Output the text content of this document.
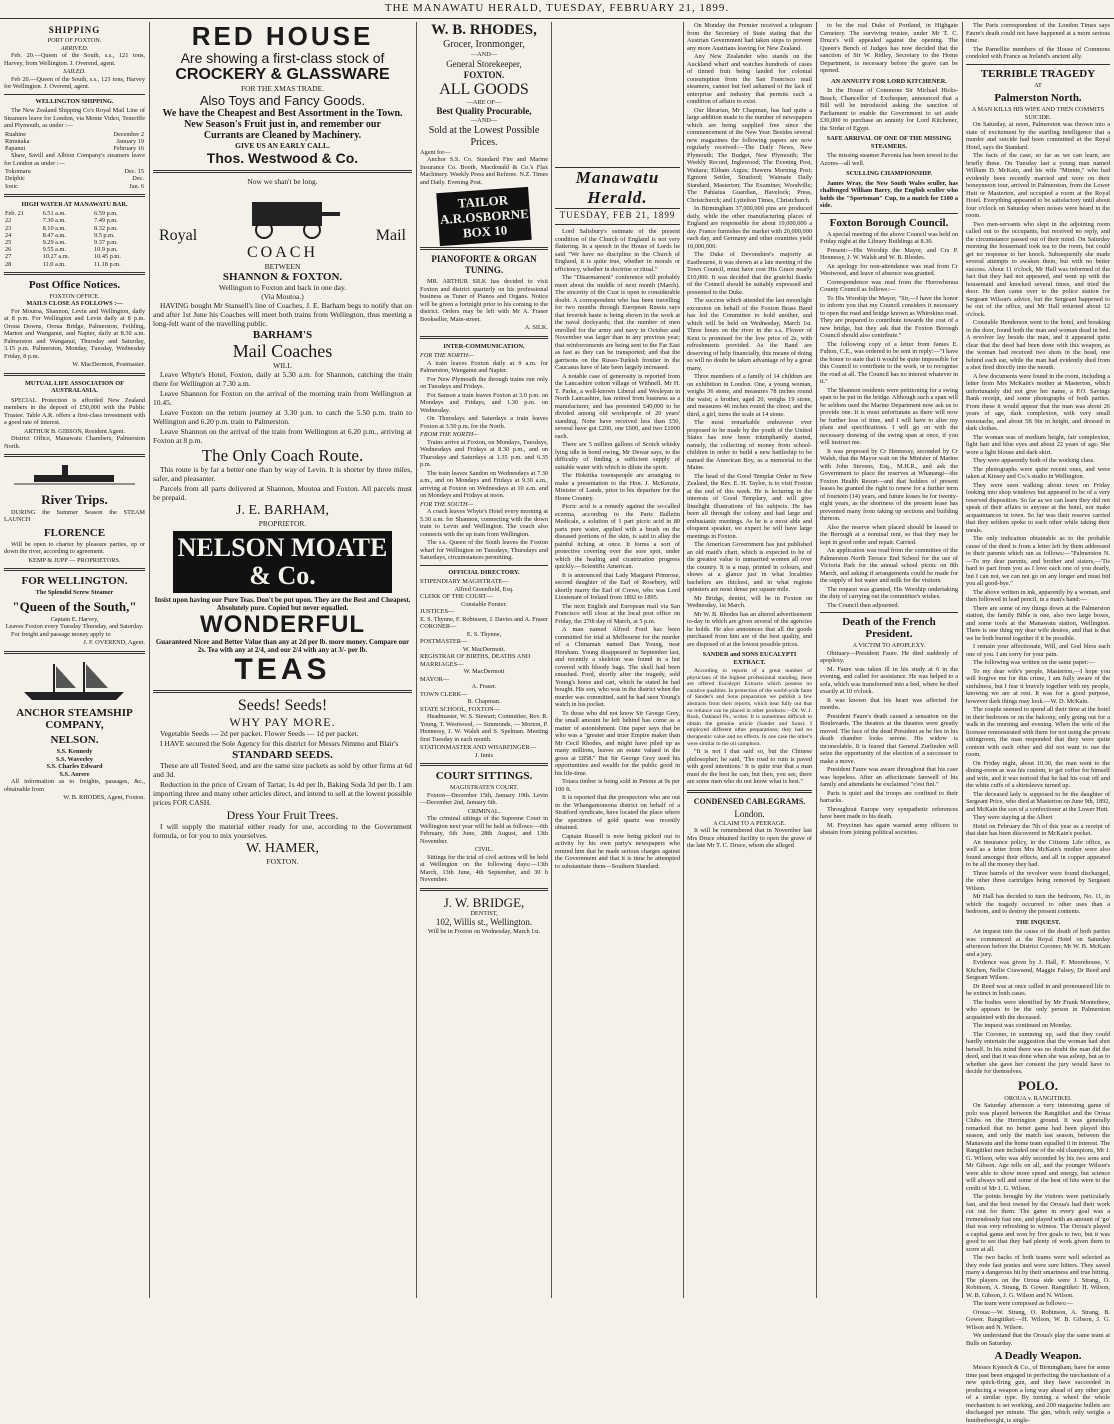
THE MANAWATU HERALD, TUESDAY, FEBRUARY 21, 1899.
SHIPPING
PORT OF FOXTON.
ARRIVED.

Feb. 20.—Queen of the South, s.s., 121 tons, Harvey, from Wellington. J. Overend, agent.

SAILED.

Feb 20.—Queen of the South, s.s., 121 tons, Harvey for Wellington. J. Overend, agent.

WELLINGTON SHIPPING.

The New Zealand Shipping Co's Royal Mail Line of Steamers leave for London, via Monte Video, Teneriffe and Plymouth, as under :—

Ruahine	December 2
Rimutaka	January 19
Papanui	February 16

Shaw, Savill and Albion Company's steamers leave for London as under :—

Tokomaru	Dec. 15
Delphic	Dec.
Ionic	Jan. 6
HIGH WATER AT MANAWATU BAR.
Feb. 21	6.51 a.m.	6.59 p.m.
22	7.30 a.m.	7.49 p.m.
23	8.10 a.m.	8.32 p.m.
24	8.47 a.m.	9.5 p.m.
25	9.29 a.m.	9.37 p.m.
26	9.55 a.m.	10.9 p.m.
27	10.27 a.m.	10.45 p.m.
28	11.0 a.m.	11.18 p.m.
Post Office Notices.
FOXTON OFFICE.
MAILS CLOSE AS FOLLOWS :—

For Moutoa, Shannon, Levin and Wellington, daily at 8 p.m. For Wellington and Levin daily at 8 p.m. Oroua Downs, Oroua Bridge, Palmerston, Feilding, Marton and Wanganui, and Napier, daily at 8.30 a.m. Palmerston and Wanganui, Thursday and Saturday, 3.15 p.m. Palmerston, Monday, Tuesday, Wednesday Friday, 8 p.m.

W. MacDermott, Postmaster.
MUTUAL LIFE ASSOCIATION OF AUSTRALASIA.

SPECIAL Protection is afforded New Zealand members in the deposit of £50,000 with the Public Trustee. Table A.R. offers a first-class investment with a good rate of interest.

ARTHUR B. GIBSON, Resident Agent.

District Office, Manawatu Chambers, Palmerston North.

River Trips.

DURING the Summer Season the STEAM LAUNCH

FLORENCE

Will be open to charter by pleasure parties, up or down the river, according to agreement.

KEMP & JUPP — PROPRIETORS.
FOR WELLINGTON.
The Splendid Screw Steamer
"Queen of the South,"
Captain E. Harvey,
Leaves Foxton every Tuesday Thursday, and Saturday.

For freight and passage money apply to

J. F. OVEREND, Agent.
ANCHOR STEAMSHIP COMPANY,
NELSON.
S.S. Kennedy
S.S. Waverley
S.S. Charles Edward
S.S. Aorere

All information as to freights, passages, &c., obtainable from

W. B. RHODES, Agent, Foxton.
RED HOUSE
Are showing a first-class stock of
CROCKERY & GLASSWARE
FOR THE XMAS TRADE.
Also Toys and Fancy Goods.
We have the Cheapest and Best Assortment in the Town.
New Season's Fruit just in, and remember our
Currants are Cleaned by Machinery.
GIVE US AN EARLY CALL.
Thos. Westwood & Co.
Now we shan't be long.
Royal	Mail
COACH
BETWEEN
SHANNON & FOXTON.
Wellington to Foxton and back in one day.
(Via Moutoa.)

HAVING bought Mr Stansell's line of Coaches, J. E. Barham begs to notify that on and after 1st June his Coaches will meet both trains from Wellington, thus meeting a long-felt want of the travelling public.

BARHAM'S
Mail Coaches
WILL

Leave Whyte's Hotel, Foxton, daily at 5.30 a.m. for Shannon, catching the train there for Wellington at 7.30 a.m.

Leave Shannon for Foxton on the arrival of the morning train from Wellington at 10.45.

Leave Foxton on the return journey at 3.30 p.m. to catch the 5.50 p.m. train to Wellington and 6.20 p.m. train to Palmerston.

Leave Shannon on the arrival of the train from Wellington at 6.20 p.m., arriving at Foxton at 8 p.m.

The Only Coach Route.

This route is by far a better one than by way of Levin. It is shorter by three miles, safer, and pleasanter.

Parcels from all parts delivered at Shannon, Moutoa and Foxton. All parcels must be prepaid.

J. E. BARHAM,
PROPRIETOR.
NELSON MOATE & Co.
Insist upon having our Pure Teas. Don't be put upon. They are the Best and Cheapest. Absolutely pure. Copied but never equalled.
WONDERFUL
Guaranteed Nicer and Better Value than any at 2d per lb. more money. Compare our 2s. Tea with any at 2/4, and our 2/4 with any at 3/- per lb.
TEAS
Seeds! Seeds!
WHY PAY MORE.

Vegetable Seeds — 2d per packet. Flower Seeds — 1d per packet.

I HAVE secured the Sole Agency for this district for Messrs Nimmo and Blair's

STANDARD SEEDS.

These are all Tested Seed, and are the same size packets as sold by other firms at 6d and 3d.

Reduction in the price of Cream of Tartar, 1s 4d per lb, Baking Soda 3d per lb. I am importing three and many other articles direct, and intend to sell at the lowest possible prices FOR CASH.

Dress Your Fruit Trees.

I will supply the material either ready for use, according to the Government formula, or for you to mix yourselves.

W. HAMER,
FOXTON.
W. B. RHODES,
Grocer, Ironmonger,
—AND—
General Storekeeper,
FOXTON.
ALL GOODS
—ARE OF—
Best Quality Procurable,
—AND—
Sold at the Lowest Possible Prices.
Agent for—

Anchor S.S. Co. Standard Fire and Marine Insurance Co. Booth, Macdonald & Co.'s Flax Machinery. Weekly Press and Referee. N.Z. Times and Daily. Evening Post.

TAILOR A.R.OSBORNE BOX 10
PIANOFORTE & ORGAN TUNING.

MR. ARTHUR SILK has decided to visit Foxton and district quarterly on his professional business as Tuner of Pianos and Organs. Notice will be given a fortnight prior to his coming to the district. Orders may be left with Mr A. Fraser Bookseller, Main-street.

A. SILK.
INTER-COMMUNICATION.
FOR THE NORTH—

A train leaves Foxton daily at 9 a.m. for Palmerston, Wanganui and Napier.

For New Plymouth the through trains run only on Tuesdays and Fridays.

For Sanson a train leaves Foxton at 3.0 p.m. on Mondays and Fridays, and 1.30 p.m. on Wednesday.

On Thursdays and Saturdays a train leaves Foxton at 3.50 p.m. for the North.

FROM THE NORTH—

Trains arrive at Foxton, on Mondays, Tuesdays, Wednesdays and Fridays at 8.30 p.m., and on Thursdays and Saturdays at 1.35 p.m. and 6.35 p.m.

The train leaves Sandon on Wednesdays at 7.30 a.m., and on Mondays and Fridays at 9.30 a.m., arriving at Foxton on Wednesdays at 10 a.m. and on Mondays and Fridays at noon.

FOR THE SOUTH—

A coach leaves Whyte's Hotel every morning at 5.30 a.m. for Shannon, connecting with the down train to Levin and Wellington. The coach also connects with the up train from Wellington.

The s.s. Queen of the South leaves the Foxton wharf for Wellington on Tuesdays, Thursdays and Saturdays, circumstances permitting.

OFFICIAL DIRECTORY.
STIPENDIARY MAGISTRATE—
Alfred Greenfield, Esq.
CLERK OF THE COURT—
Constable Forster.
JUSTICES—
E. S. Thynne, F. Robinson, J. Davies and A. Fraser
CORONER—
E. S. Thynne,
POSTMASTER—
W. MacDermott.
REGISTRAR OF BIRTHS, DEATHS AND MARRIAGES—
W. MacDermott
MAYOR—
A. Fraser.
TOWN CLERK—
B. Chapman.
STATE SCHOOL, FOXTON—

Headmaster, W. S. Stewart; Committee, Rev. R. Young, T. Westwood, — Simmonds, — Morton, P. Hennessy, J. W. Walsh and S. Spelman. Meeting first Tuesday in each month.

STATIONMASTER AND WHARFINGER—
J. Innis
COURT SITTINGS.
MAGISTRATE'S COURT.

Foxton—December 15th, January 19th. Levin—December 2nd, January 6th.

CRIMINAL.

The criminal sittings of the Supreme Court in Wellington next year will be held as follows:—6th February, 6th June, 28th August, and 13th November.

CIVIL.

Sittings for the trial of civil actions will be held at Wellington on the following days:—13th March, 13th June, 4th September, and 30 h November.

J. W. BRIDGE,
DENTIST,
102, Willis st., Wellington.
Will be in Foxton on Wednesday, March 1st.
Manawatu Herald.
TUESDAY, FEB 21, 1899

Lord Salisbury's estimate of the present condition of the Church of England is not very flattering. In a speech in the House of Lords he said "We have no discipline in the Church of England, it is quite true, whether in morals or efficiency, whether in doctrine or ritual."

The "Disarmament" conference will probably meet about the middle of next month (March). The sincerity of the Czar is open to considerable doubt. A correspondent who has been travelling for two months through European Russia says that feverish haste is being shown in the work at the naval dockyards; that the number of men enrolled for the army and navy in October and November was larger than in any previous year; that reinforcements are being sent to the Far East as fast as they can be transported; and that the garrisons on the Russo-Turkish frontier in the Caucasus have of late been largely increased.

A notable case of generosity is reported from the Lancashire cotton village of Withnell. Mr H. T. Parke, a well-known Liberal and Wesleyan in North Lancashire, has retired from business as a manufacturer, and has presented £40,000 to be divided among old workpeople of 20 years' standing. None have received less than £50, several have got £200, one £600, and two £1000 each.

There are 5 million gallons of Scotch whisky lying idle in bond owing, Mr Dewar says, to the difficulty of finding a sufficient supply of suitable water with which to dilute the spirit.

The Hokitika townspeople are arranging to make a presentation to the Hon. J. McKenzie, Minister of Lands, prior to his departure for the Home Country.

Picric acid is a remedy against the so-called eczema, according to the Paris Bulletin Medicale, a solution of 1 part picric acid in 80 parts pure water, applied with a brush on the diseased portions of the skin, is said to allay the painful itching at once. It forms a sort of protective covering over the sore spot, under which the healing and cicatrization progress quickly.—Scientific American.

It is announced that Lady Margaret Primrose, second daughter of the Earl of Rosebery, will shortly marry the Earl of Crewe, who was Lord Lieutenant of Ireland from 1892 to 1895.

The next English and European mail via San Francisco will close at the local post office on Friday, the 27th day of March, at 5 p.m.

A man named Alfred Ford has been committed for trial at Melbourne for the murder of a Chinaman named Dan Young, near Horsham. Young disappeared in September last, and recently a skeleton was found in a hut covered with bloody bags. The skull had been smashed. Ford, shortly after the tragedy, sold Young's horse and cart, which he stated he had bought. His son, who was in the district when the murder was committed, said he had seen Young's watch in his pocket.

To those who did not know Sir George Grey, the small amount he left behind has come as a matter of astonishment. One paper says that he who was a "greater and truer Empire maker than Mr Cecil Rhodes, and might have piled up as many millions, leaves an estate valued in the gross at £858." But Sir George Grey used his opportunities and wealth for the public good in his life-time.

Totara timber is being sold in Petone at 9s per 100 ft.

It is reported that the prospectors who are out in the Whangamomona district on behalf of a Stratford syndicate, have located the place where the specimen of gold quartz was recently obtained.

Captain Russell is now being picked out to activity by his own party's newspapers who remind him that he made serious charges against the Government and that it is time he attempted to substantiate them—Southern Standard.

On Monday the Premier received a telegram from the Secretary of State stating that the Austrian Government had taken steps to prevent any more Austrians leaving for New Zealand.

Any New Zealander who stands on the Auckland wharf and watches hundreds of cases of tinned fruit being landed for colonial consumption from the San Francisco mail steamers, cannot but feel ashamed of the lack of enterprise and industry that permits such a condition of affairs to exist.

Our librarian, Mr Chapman, has had quite a large addition made to the number of newspapers which are being supplied free since the commencement of the New Year. Besides several new magazines the following papers are now regularly received:—The Daily News, New Plymouth; The Budget, New Plymouth; The Weekly Record, Inglewood; The Evening Post, Waitara; Eltham Argus; Hawera Morning Post; Egmont Settler, Stratford; Waimate Daily Standard, Masterton; The Examiner, Woodville; The Pahiatua Guardian, Havelock; Press, Christchurch; and Lyttelton Times, Christchurch.

In Birmingham 37,000,000 pins are produced daily, while the other manufacturing places of England are responsible for about 19,000,000 a day. France furnishes the market with 20,000,000 each day, and Germany and other countries yield 10,000,000.

The Duke of Devonshire's majority at Eastbourne, it was shown at a late meeting of the Town Council, must have cost His Grace nearly £10,000. It was decided that the grateful thanks of the Council should be suitably expressed and presented to the Duke.

The success which attended the last moonlight excursion on behalf of the Foxton Brass Band has led the Committee to hold another, and which will be held on Wednesday, March 1st. Three hours on the river in the s.s. Flower of Kent is promised for the low price of 2s, with refreshments provided. As the Band are deserving of help financially, this means of doing so will no doubt be taken advantage of by a great many.

Three members of a family of 14 children are on exhibition in London. One, a young woman, weighs 36 stone, and measures 78 inches round the waist; a brother, aged 20, weighs 19 stone, and measures 46 inches round the chest; and the third, a girl, turns the scale at 14 stone.

The most remarkable endeavour ever proposed to be made by the youth of the United States has now been triumphantly started, namely, the collecting of money from school-children in order to build a new battleship to be named the American Boy, as a memorial to the Maine.

The head of the Good Templar Order in New Zealand, the Rev. E. H. Taylor, is to visit Foxton at the end of this week. He is lecturing in the interests of Good Templary, and will give limelight illustrations of his subjects. He has been all through the colony and had large and enthusiastic meetings. As he is a most able and eloquent speaker, we expect he will have large meetings in Foxton.

The American Government has just published an old maid's chart, which is expected to be of the greatest value to unmarried women all over the country. It is a map, printed in colours, and shows at a glance just in what localities bachelors are thickest, and in what regions spinsters are most dense per square mile.

Mr Bridge, dentist, will be in Foxton on Wednesday, 1st March.

Mr W. B. Rhodes has an altered advertisement to-day in which are given several of the agencies he holds. He also announces that all the goods purchased from him are of the best quality, and are disposed of at the lowest possible prices.

SANDER and SONS EUCALYPTI EXTRACT.

According to reports of a great number of physicians of the highest professional standing, there are offered Eucalypti Extracts which possess no curative qualities. In protection of the world-wide fame of Sander's and Sons preparation we publish a few abstracts from their reports, which bear fully out that no reliance can be placed in other products:—Dr. W. J. Rush, Oakland Pa., writes: It is sometimes difficult to obtain the genuine article (Sander and Sons). I employed different other preparations; they had no therapeutic value and no effects. In one case the other's were similar to the oil camphora.

"It is not I that said so, but the Chinese philosopher; he said, 'The road to ruin is paved with good intentions.' It is quite true that a man must do the best he can; but then, you see, there are some men who do not know what is best."

CONDENSED CABLEGRAMS.
London.
A CLAIM TO A PEERAGE.

It will be remembered that in November last Mrs Druce obtained facility to open the grave of the late Mr T. C. Druce, whom she alleged

to be the real Duke of Portland, in Highgate Cemetery. The surviving trustee, under Mr T. C. Druce's will appealed against the opening. The Queen's Bench of Judges has now decided that the sanction of Sir W. Ridley, Secretary to the Home Department, is necessary before the grave can be opened.

AN ANNUITY FOR LORD KITCHENER.

In the House of Commons Sir Michael Hicks-Beach, Chancellor of Exchequer, announced that a Bill will be introduced asking the sanction of Parliament to enable the Government to set aside £30,000 to purchase an annuity for Lord Kitchener, the Sirdar of Egypt.

SAFE ARRIVAL OF ONE OF THE MISSING STEAMERS.

The missing steamer Pavonia has been towed to the Azores—all well.

SCULLING CHAMPIONSHIP.

James Wray, the New South Wales sculler, has challenged William Barry, the English sculler who holds the "Sportsman" Cup, to a match for £100 a side.

Foxton Borough Council.

A special meeting of the above Council was held on Friday night at the Library Buildings at 8.30.

Present:—His Worship the Mayor, and Crs P. Hennessy, J. W. Walsh and W. B. Rhodes.

An apology for non-attendance was read from Cr Westwood, and leave of absence was granted.

Correspondence was read from the Horowhenua County Council as follows:—

To His Worship the Mayor, "Sir,—I have the honor to inform you that my Council considers it necessary to open the road and bridge known as Whirokino road. They are prepared to contribute towards the cost of a new bridge, but they ask that the Foxton Borough Council should also contribute."

The following copy of a letter from James E. Fulton, C.E., was ordered to be sent in reply:—"I have the honor to state that it would be quite impossible for this Council to contribute to the work, or to recognise the road at all. The Council has no interest whatever in it."

The Shannon residents were petitioning for a swing span to be put in the bridge. Although such a span will be seldom used the Marine Department now ask us to provide one. It is most unfortunate as there will now be further loss of time, and I will have to alter my plans and specifications. I will go on with the necessary drawing of the swing span at once, if you will instruct me.

It was proposed by Cr Hennessy, seconded by Cr Walsh, that the Mayor wait on the Minister of Marine with John Stevens, Esq., M.H.R., and ask the Government to place the reserves at Whanangi—the Foxton Health Resort—and that holders of present leases be granted the right to renew for a further term of fourteen (14) years, and future leases be for twenty-eight years, as the shortness of the present lease has prevented many from taking up sections and building thereon.

Also the reserve when placed should be leased to the Borough at a nominal rent, so that they may be kept in good order and repair. Carried.

An application was read from the committee of the Palmerston North Terrace End School for the use of Victoria Park for the annual school picnic on 8th March, and asking if arrangements could be made for the supply of hot water and milk for the visitors.

The request was granted, His Worship undertaking the duty of carrying out the committee's wishes.

The Council then adjourned.

Death of the French President.
A VICTIM TO APOPLEXY.

Obituary—President Faure. He died suddenly of apoplexy.

M. Faure was taken ill in his study at 6 in the evening, and called for assistance. He was helped to a sofa, which was transformed into a bed, where he died exactly at 10 o'clock.

It was known that his heart was affected for months.

President Faure's death caused a sensation on the Boulevards. The theatres at the theatres were greatly moved. The face of the dead President as he lies in his death chamber looks serene. His widow is inconsolable. It is feared that General Zurlinden will seize the opportunity of the election of a successor to make a move.

President Faure was aware throughout that his case was hopeless. After an affectionate farewell of his family and attendants he exclaimed "c'est fini."

Paris is quiet and the troops are confined to their barracks.

Throughout Europe very sympathetic references have been made to his death.

M. Freycinet has again warned army officers to abstain from joining political societies.

The Paris correspondent of the London Times says Faure's death could not have happened at a more serious time.

The Parnellite members of the House of Commons condoled with France as Ireland's ancient ally.

TERRIBLE TRAGEDY
AT
Palmerston North.
A MAN KILLS HIS WIFE AND THEN COMMITS SUICIDE.

On Saturday, at noon, Palmerston was thrown into a state of excitement by the startling intelligence that a murder and suicide had been committed at the Royal Hotel, says the Standard.

The facts of the case, so far as we can learn, are briefly these. On Tuesday last a young man named William D. McKain, and his wife "Minnie," who had evidently been recently married and were on their honeymoon tour, arrived in Palmerston, from the Lower Hutt or Masterton, and occupied a room at the Royal Hotel. Everything appeared to be satisfactory until about four o'clock on Saturday when noises were heard in the room.

Two men-servants who slept in the adjoining room called out to the occupants, but received no reply, and the circumstance passed out of their mind. On Saturday morning the housemaid took tea to the room, but could get no response to her knock. Subsequently she made several attempts to awaken them, but with no better success. About 11 o'clock, Mr Hall was informed of the fact that they had not appeared, and went up with the housemaid and knocked several times, and tried the door. He then came over to the police station for Sergeant Wilson's advice, but the Sergeant happened to be out of the office, and Mr Hall returned about 12 o'clock.

Constable Henderson went to the hotel, and breaking in the door, found both the man and woman dead in bed. A revolver lay beside the man, and it appeared quite clear that the deed had been done with this weapon, as the woman had received two shots in the head, one behind each ear, while the man had evidently died from a shot fired directly into the mouth.

A few documents were found in the room, including a letter from Mrs McKain's mother at Masterton, which unfortunately did not give her name, a P.O. Savings Bank receipt, and some photographs of both parties. From these it would appear that the man was about 26 years of age, dark complexion, with very small moustache, and about 5ft 9in in height, and dressed in dark clothes.

The woman was of medium height, fair complexion, light hair and blue eyes and about 22 years of age. She wore a light blouse and dark skirt.

They were apparently both of the working class.

The photographs were quite recent ones, and were taken at Kinsey and Co.'s studio in Wellington.

They were seen walking about town on Friday looking into shop windows but appeared to be of a very reserved disposition. So far as we can learn they did not speak of their affairs to anyone at the hotel, nor make acquaintances in town. So far was their reserve carried that they seldom spoke to each other while taking their meals.

The only indication obtainable as to the probable cause of the deed is from a letter left by them addressed to their parents which ran as follows:—"Palmerston N.—To my dear parents, and brother and sisters,—'Tis hard to part from you as I love each one of you dearly, but I can not, we can not go on any longer and must bid you all good-bye."

The above written in ink, apparently by a woman, and then followed in lead pencil, in a man's hand:—

There are some of my things down at the Palmerston station, the family Bible is one, also two large boxes, and some tools at the Manawatu station, Wellington. There is one thing my dear wife desires, and that is that we be both buried together if it be possible.

I remain your affectionate, Will, and God bless each one of you. I am sorry for your pain.

The following was written on the same paper:—

To my dear wife's people, Masterton,—I hope you will forgive me for this crime, I am fully aware of the sinfulness, but I fear it bravely together with my people, knowing we are at rest. It was for a good purpose, however dark things may look.—W. D. McKain.

The couple seemed to spend all their time at the hotel in their bedroom or on the balcony, only going out for a walk in the morning and evening. When the wife of the licensee remonstrated with them for not using the private sittingroom, the man responded that they were quite content with each other and did not want to use the room.

On Friday night, about 10.30, the man went to the dining-room as was his custom, to get coffee for himself and wife, and it was noticed that he had his coat off and the white cuffs of a shirtsleeve turned up.

The deceased lady is supposed to be the daughter of Sergeant Price, who died at Masterton on June 9th, 1892, and McKain the son of a confectioner at the Lower Hutt.

They were staying at the Albert

Hotel on February the 7th of this year as a receipt of that date has been discovered in McKain's pocket.

An insurance policy, in the Citizens Life office, as well as a letter from Mrs McKain's mother were also found amongst their effects, and all in copper appeared to be all the money they had.

Three barrels of the revolver were found discharged, the other three cartridges being removed by Sergeant Wilson.

Mr Hall has decided to turn the bedroom, No. 11, in which the tragedy occurred to other uses than a bedroom, and to destroy the present contents.

THE INQUEST.

An inquest into the cause of the death of both parties was commenced at the Royal Hotel on Saturday afternoon before the District Coroner, Mr W. B. McKain and a jury.

Evidence was given by J. Hall, F. Moorehouse, V. Kitchen, Nellie Crawsend, Maggie Falsey, Dr Reed and Sergeant Wilson.

Dr Reed was at once called in and pronounced life to be extinct in both cases.

The bodies were identified by Mr Frank Montethew, who appears to be the only person in Palmerston acquainted with the deceased.

The inquest was continued on Monday.

The Coroner, in summing up, said that they could hardly entertain the suggestion that the woman had shot herself. In his mind there was no doubt the man did the deed, and that it was done when she was asleep, but as to whether she gave her consent the jury would have to decide for themselves.

POLO.
OROUA v. RANGITIKEI.

On Saturday afternoon a very interesting game of polo was played between the Rangitikei and the Oroua Clubs on the Herrington ground. It was generally remarked that no better game had been played this season, and only the match last season, between the Manawatu and the home team equalled it in interest. The Rangitikei men included one of the old champions, Mr J. G. Wilson, who was ably seconded by his two sons and Mr Gibson. Age tells on all, and the younger Wilson's were able to show more speed and energy, but science will always tell and some of the best of hits were to the credit of Mr J. G. Wilson.

The points brought by the visitors were particularly fast, and the best owned by the Oroua's had their work cut out for them. The game in every goal was a tremendously fast one, and played with an amount of 'go' that was very refreshing to witness. The Oroua's played a capital game and won by five goals to two, but it was good to see that they had plenty of work given them to score at all.

The two backs of both teams were well selected as they rode fast ponies and were sure hitters. They saved many a dangerous hit by their smartness and true hitting. The players on the Oroua side were J. Strang, O. Robinson, A. Strang, B. Gower. Rangitikei: H. Wilson, W. B. Gibson, J. G. Wilson and N. Wilson.

The team were composed as follows:—

Oroua:—W. Strang, O. Robinson, A. Strang, B. Gower. Rangitikei:—H. Wilson, W. B. Gibson, J. G. Wilson and N. Wilson.

We understand that the Oroua's play the same team at Bulls on Saturday.

A Deadly Weapon.

Messrs Kynoch & Co., of Birmingham, have for some time past been engaged in perfecting the mechanism of a new quick-firing gun, and they have succeeded in producing a weapon a long way ahead of any other gun of a similar type. By turning a wheel the whole mechanism is set working, and 200 magazine bullets are discharged per minute. The gun, which only weighs a hundredweight, is single-
